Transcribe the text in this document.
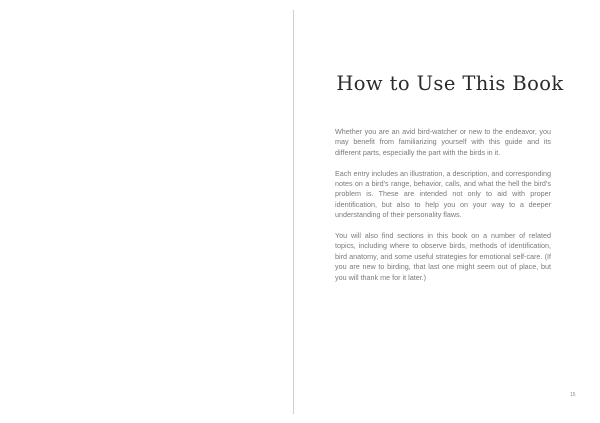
How to Use This Book

Whether you are an avid bird-watcher or new to the endeavor, you may benefit from familiarizing yourself with this guide and its different parts, especially the part with the birds in it.

Each entry includes an illustration, a description, and corresponding notes on a bird’s range, behavior, calls, and what the hell the bird’s problem is. These are intended not only to aid with proper identification, but also to help you on your way to a deeper understanding of their personality flaws.

You will also find sections in this book on a number of related topics, including where to observe birds, methods of identification, bird anatomy, and some useful strategies for emotional self-care. (If you are new to birding, that last one might seem out of place, but you will thank me for it later.)

15
